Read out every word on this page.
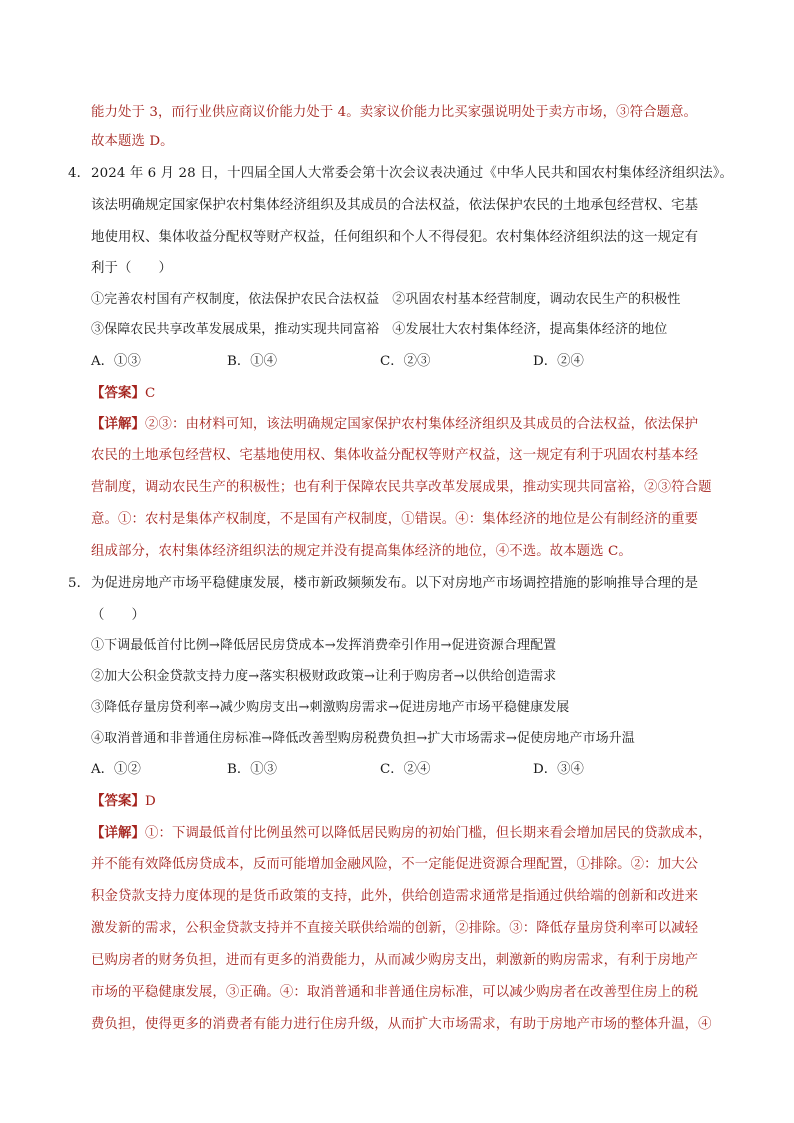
能力处于 3，而行业供应商议价能力处于 4。卖家议价能力比买家强说明处于卖方市场，③符合题意。
故本题选 D。
4． 2024 年 6 月 28 日，十四届全国人大常委会第十次会议表决通过《中华人民共和国农村集体经济组织法》。
该法明确规定国家保护农村集体经济组织及其成员的合法权益，依法保护农民的土地承包经营权、宅基
地使用权、集体收益分配权等财产权益，任何组织和个人不得侵犯。农村集体经济组织法的这一规定有
利于（　　）
①完善农村国有产权制度，依法保护农民合法权益　②巩固农村基本经营制度，调动农民生产的积极性
③保障农民共享改革发展成果，推动实现共同富裕　④发展壮大农村集体经济，提高集体经济的地位
A．①③	B．①④	C．②③	D．②④
【答案】C
【详解】②③：由材料可知，该法明确规定国家保护农村集体经济组织及其成员的合法权益，依法保护
农民的土地承包经营权、宅基地使用权、集体收益分配权等财产权益，这一规定有利于巩固农村基本经
营制度，调动农民生产的积极性；也有利于保障农民共享改革发展成果，推动实现共同富裕，②③符合题
意。①：农村是集体产权制度，不是国有产权制度，①错误。④：集体经济的地位是公有制经济的重要
组成部分，农村集体经济组织法的规定并没有提高集体经济的地位，④不选。故本题选 C。
5． 为促进房地产市场平稳健康发展，楼市新政频频发布。以下对房地产市场调控措施的影响推导合理的是
（　　）
①下调最低首付比例→降低居民房贷成本→发挥消费牵引作用→促进资源合理配置
②加大公积金贷款支持力度→落实积极财政政策→让利于购房者→以供给创造需求
③降低存量房贷利率→减少购房支出→刺激购房需求→促进房地产市场平稳健康发展
④取消普通和非普通住房标准→降低改善型购房税费负担→扩大市场需求→促使房地产市场升温
A．①②	B．①③	C．②④	D．③④
【答案】D
【详解】①：下调最低首付比例虽然可以降低居民购房的初始门槛，但长期来看会增加居民的贷款成本，
并不能有效降低房贷成本，反而可能增加金融风险，不一定能促进资源合理配置，①排除。②：加大公
积金贷款支持力度体现的是货币政策的支持，此外，供给创造需求通常是指通过供给端的创新和改进来
激发新的需求，公积金贷款支持并不直接关联供给端的创新，②排除。③：降低存量房贷利率可以减轻
已购房者的财务负担，进而有更多的消费能力，从而减少购房支出，刺激新的购房需求，有利于房地产
市场的平稳健康发展，③正确。④：取消普通和非普通住房标准，可以减少购房者在改善型住房上的税
费负担，使得更多的消费者有能力进行住房升级，从而扩大市场需求，有助于房地产市场的整体升温，④
